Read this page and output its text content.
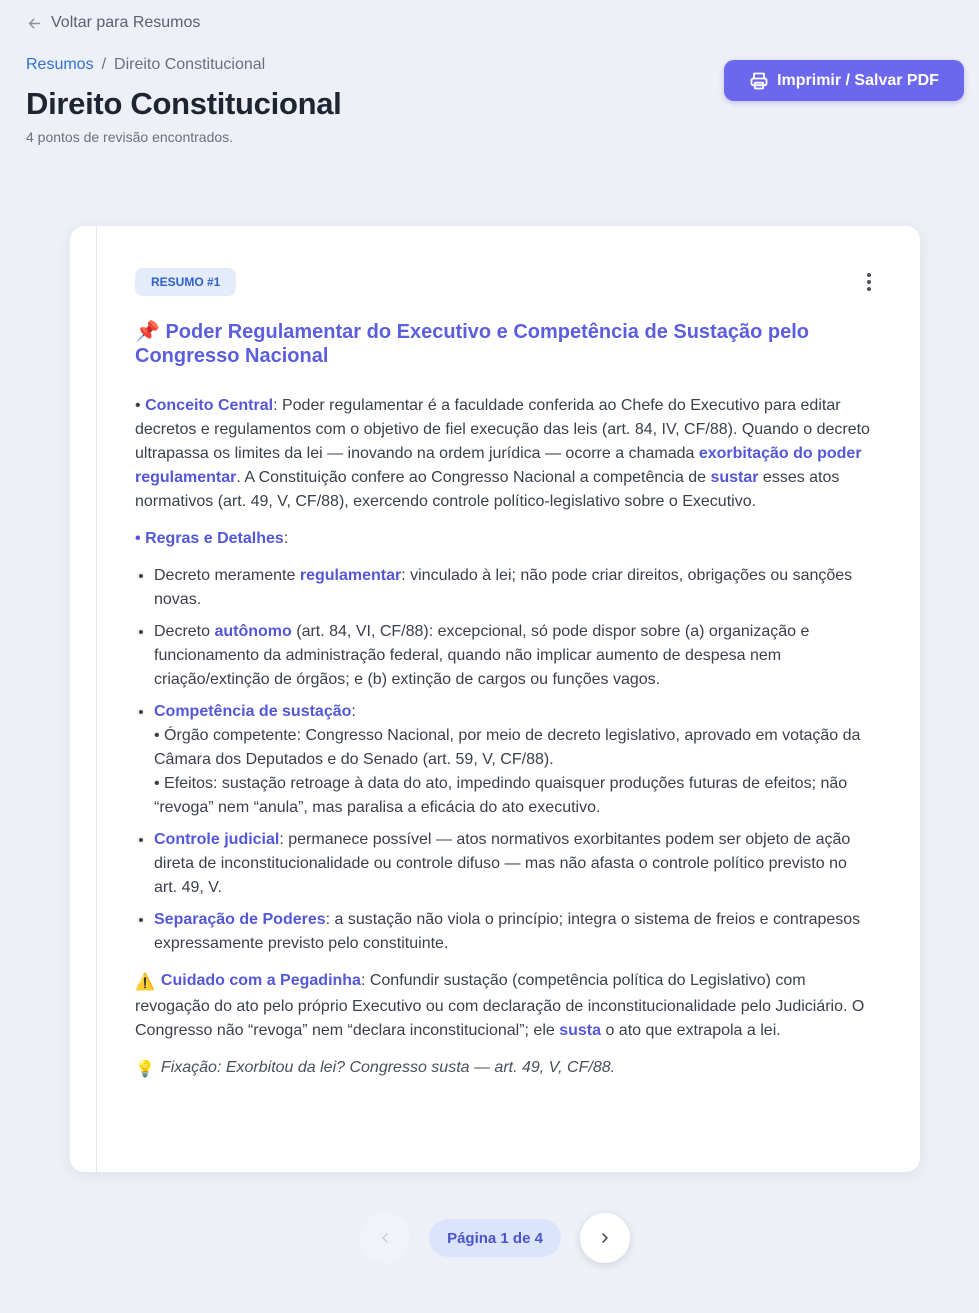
Voltar para Resumos
Resumos / Direito Constitucional
Direito Constitucional
4 pontos de revisão encontrados.
Imprimir / Salvar PDF
RESUMO #1
📌 Poder Regulamentar do Executivo e Competência de Sustação pelo Congresso Nacional

• Conceito Central: Poder regulamentar é a faculdade conferida ao Chefe do Executivo para editar decretos e regulamentos com o objetivo de fiel execução das leis (art. 84, IV, CF/88). Quando o decreto ultrapassa os limites da lei — inovando na ordem jurídica — ocorre a chamada exorbitação do poder regulamentar. A Constituição confere ao Congresso Nacional a competência de sustar esses atos normativos (art. 49, V, CF/88), exercendo controle político-legislativo sobre o Executivo.

• Regras e Detalhes:

• Decreto meramente regulamentar: vinculado à lei; não pode criar direitos, obrigações ou sanções novas.
• Decreto autônomo (art. 84, VI, CF/88): excepcional, só pode dispor sobre (a) organização e funcionamento da administração federal, quando não implicar aumento de despesa nem criação/extinção de órgãos; e (b) extinção de cargos ou funções vagos.
• Competência de sustação:
• Órgão competente: Congresso Nacional, por meio de decreto legislativo, aprovado em votação da Câmara dos Deputados e do Senado (art. 59, V, CF/88).
• Efeitos: sustação retroage à data do ato, impedindo quaisquer produções futuras de efeitos; não “revoga” nem “anula”, mas paralisa a eficácia do ato executivo.
• Controle judicial: permanece possível — atos normativos exorbitantes podem ser objeto de ação direta de inconstitucionalidade ou controle difuso — mas não afasta o controle político previsto no art. 49, V.
• Separação de Poderes: a sustação não viola o princípio; integra o sistema de freios e contrapesos expressamente previsto pelo constituinte.

⚠️ Cuidado com a Pegadinha: Confundir sustação (competência política do Legislativo) com revogação do ato pelo próprio Executivo ou com declaração de inconstitucionalidade pelo Judiciário. O Congresso não “revoga” nem “declara inconstitucional”; ele susta o ato que extrapola a lei.

💡 Fixação: Exorbitou da lei? Congresso susta — art. 49, V, CF/88.

Página 1 de 4
